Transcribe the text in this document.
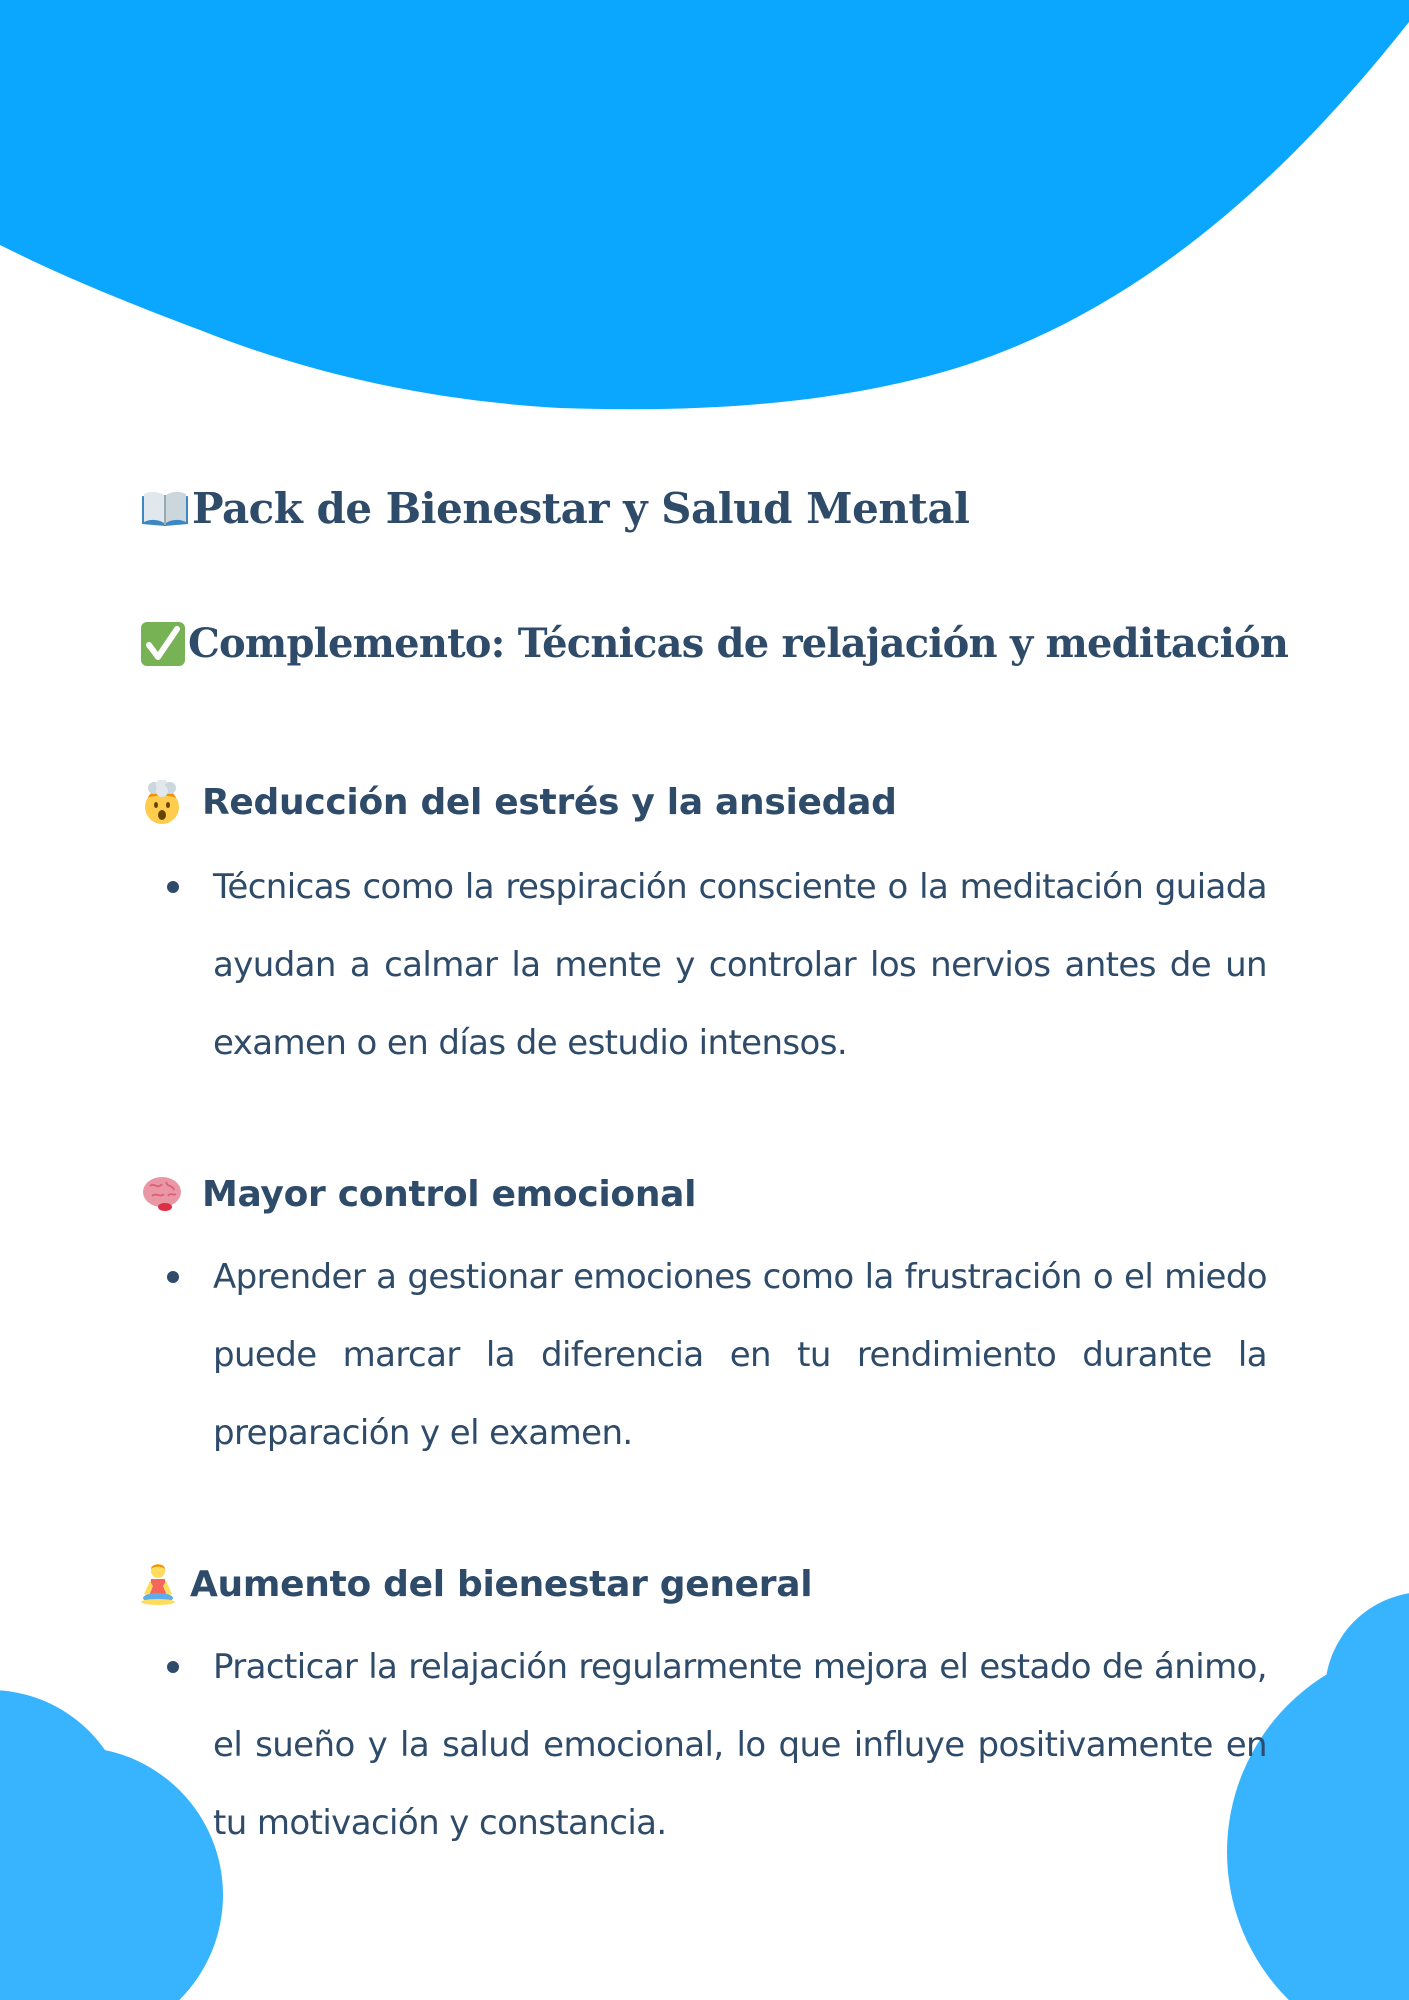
Pack de Bienestar y Salud Mental
Complemento: Técnicas de relajación y meditación
Reducción del estrés y la ansiedad
Técnicas como la respiración consciente o la meditación guiada ayudan a calmar la mente y controlar los nervios antes de un examen o en días de estudio intensos.
Mayor control emocional
Aprender a gestionar emociones como la frustración o el miedo puede marcar la diferencia en tu rendimiento durante la preparación y el examen.
Aumento del bienestar general
Practicar la relajación regularmente mejora el estado de ánimo, el sueño y la salud emocional, lo que influye positivamente en tu motivación y constancia.
